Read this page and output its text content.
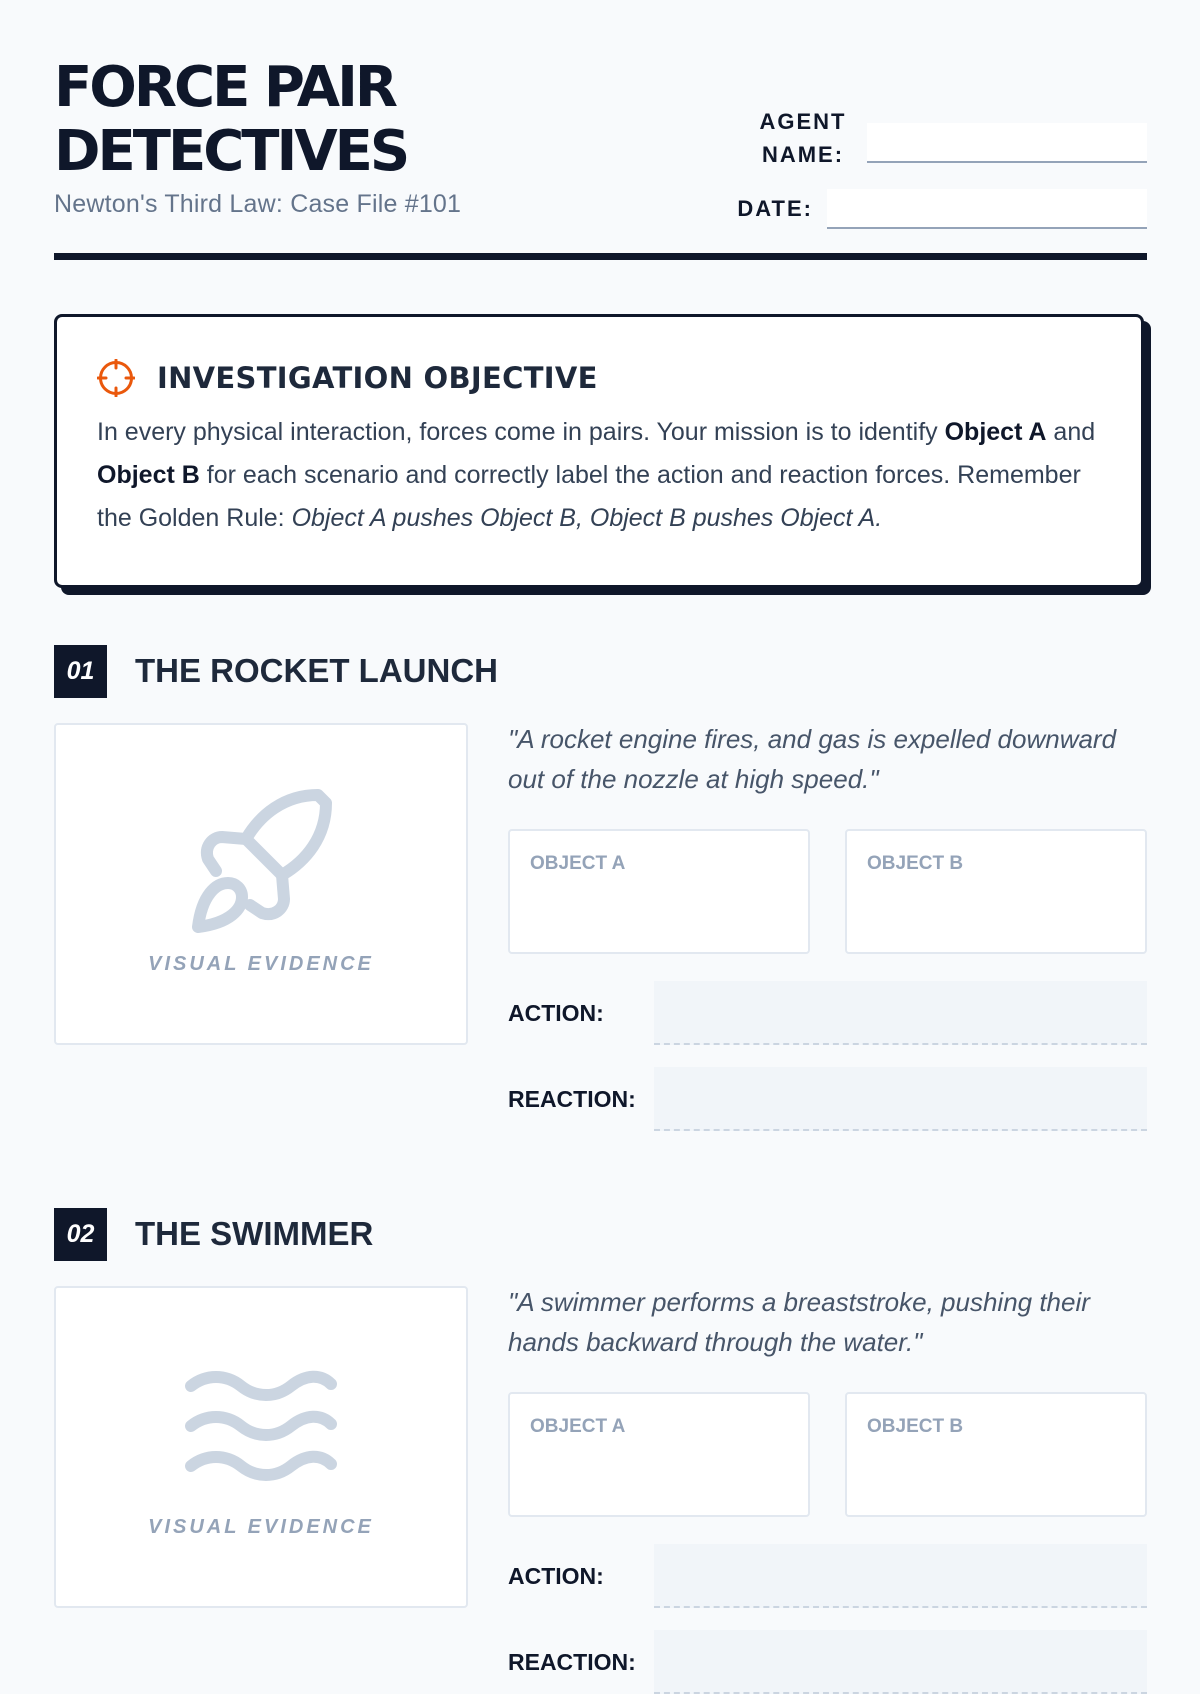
FORCE PAIR
DETECTIVES
Newton's Third Law: Case File #101
AGENT NAME:
DATE:
INVESTIGATION OBJECTIVE
In every physical interaction, forces come in pairs. Your mission is to identify Object A and Object B for each scenario and correctly label the action and reaction forces. Remember the Golden Rule: Object A pushes Object B, Object B pushes Object A.
01	THE ROCKET LAUNCH
VISUAL EVIDENCE

"A rocket engine fires, and gas is expelled downward out of the nozzle at high speed."

OBJECT A	OBJECT B
ACTION:
REACTION:
02	THE SWIMMER
VISUAL EVIDENCE

"A swimmer performs a breaststroke, pushing their hands backward through the water."

OBJECT A	OBJECT B
ACTION:
REACTION:
